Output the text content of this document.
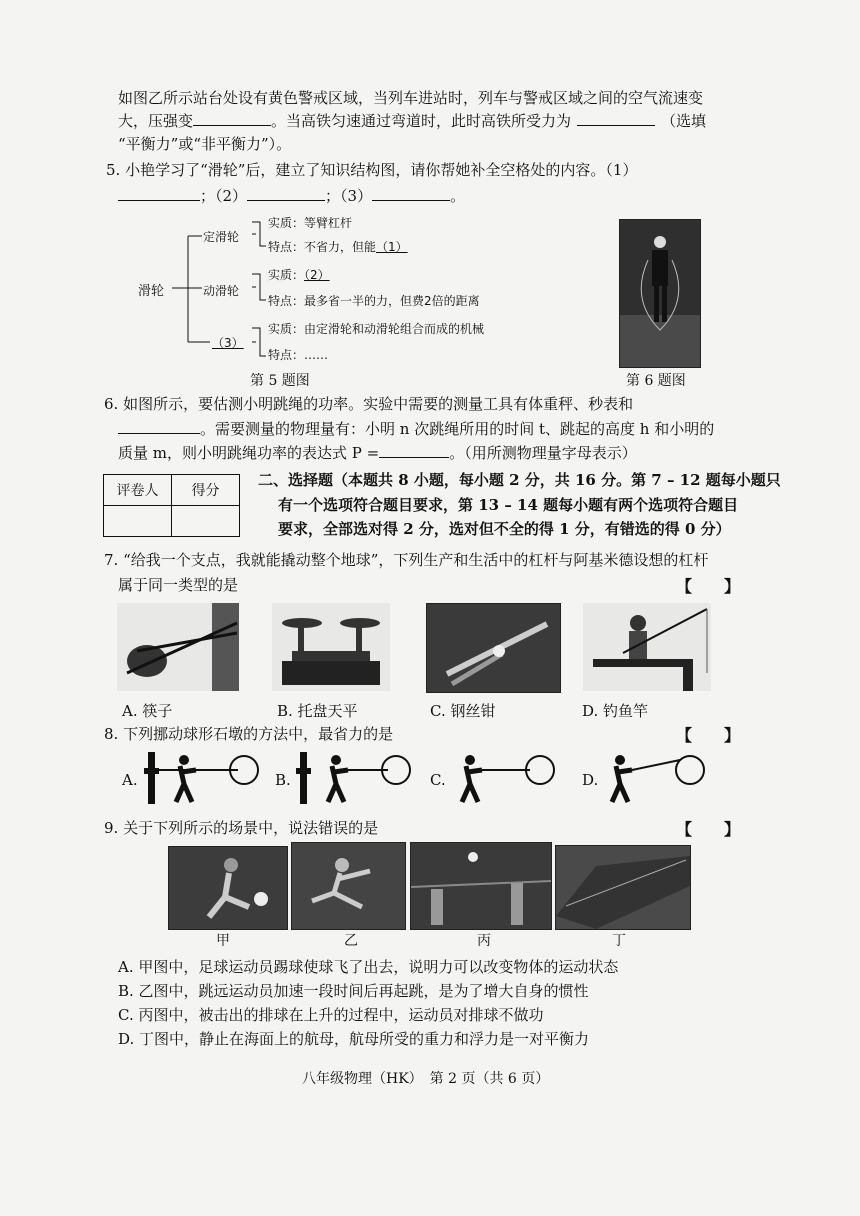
如图乙所示站台处设有黄色警戒区域，当列车进站时，列车与警戒区域之间的空气流速变
大，压强变	。当高铁匀速通过弯道时，此时高铁所受力为	（选填
“平衡力”或“非平衡力”）。
5. 小艳学习了“滑轮”后，建立了知识结构图，请你帮她补全空格处的内容。（1）
；（2）	；（3）	。
滑轮
定滑轮
实质：等臂杠杆
特点：不省力，但能（1）
动滑轮
实质：（2）
特点：最多省一半的力，但费2倍的距离
（3）
实质：由定滑轮和动滑轮组合而成的机械
特点：……
第 5 题图	第 6 题图
6. 如图所示，要估测小明跳绳的功率。实验中需要的测量工具有体重秤、秒表和
。需要测量的物理量有：小明 n 次跳绳所用的时间 t、跳起的高度 h 和小明的
质量 m，则小明跳绳功率的表达式 P =	。（用所测物理量字母表示）
评卷人	得分

二、选择题（本题共 8 小题，每小题 2 分，共 16 分。第 7 – 12 题每小题只
有一个选项符合题目要求，第 13 – 14 题每小题有两个选项符合题目
要求，全部选对得 2 分，选对但不全的得 1 分，有错选的得 0 分）
7. “给我一个支点，我就能撬动整个地球”，下列生产和生活中的杠杆与阿基米德设想的杠杆
属于同一类型的是	【　　】
A. 筷子	B. 托盘天平	C. 钢丝钳	D. 钓鱼竿
8. 下列挪动球形石墩的方法中，最省力的是	【　　】
A.	B.	C.	D.
9. 关于下列所示的场景中，说法错误的是	【　　】
甲	乙	丙	丁
A. 甲图中，足球运动员踢球使球飞了出去，说明力可以改变物体的运动状态
B. 乙图中，跳远运动员加速一段时间后再起跳，是为了增大自身的惯性
C. 丙图中，被击出的排球在上升的过程中，运动员对排球不做功
D. 丁图中，静止在海面上的航母，航母所受的重力和浮力是一对平衡力
八年级物理（HK）　第 2 页（共 6 页）
